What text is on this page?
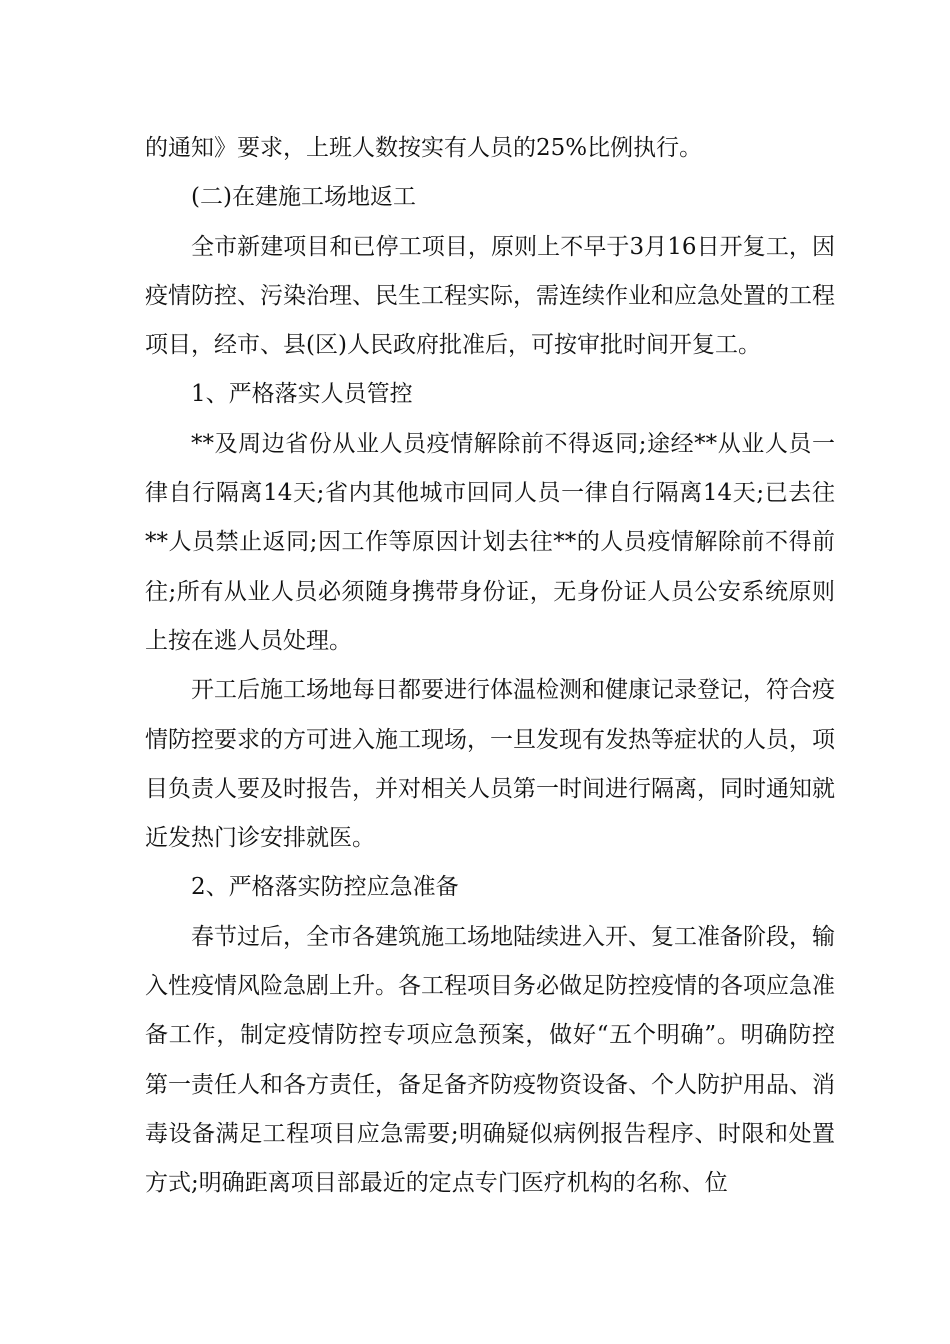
的通知》要求，上班人数按实有人员的25%比例执行。

(二)在建施工场地返工

全市新建项目和已停工项目，原则上不早于3月16日开复工，因疫情防控、污染治理、民生工程实际，需连续作业和应急处置的工程项目，经市、县(区)人民政府批准后，可按审批时间开复工。

1、严格落实人员管控

**及周边省份从业人员疫情解除前不得返同;途经**从业人员一律自行隔离14天;省内其他城市回同人员一律自行隔离14天;已去往**人员禁止返同;因工作等原因计划去往**的人员疫情解除前不得前往;所有从业人员必须随身携带身份证，无身份证人员公安系统原则上按在逃人员处理。

开工后施工场地每日都要进行体温检测和健康记录登记，符合疫情防控要求的方可进入施工现场，一旦发现有发热等症状的人员，项目负责人要及时报告，并对相关人员第一时间进行隔离，同时通知就近发热门诊安排就医。

2、严格落实防控应急准备

春节过后，全市各建筑施工场地陆续进入开、复工准备阶段，输入性疫情风险急剧上升。各工程项目务必做足防控疫情的各项应急准备工作，制定疫情防控专项应急预案，做好“五个明确”。明确防控第一责任人和各方责任，备足备齐防疫物资设备、个人防护用品、消毒设备满足工程项目应急需要;明确疑似病例报告程序、时限和处置方式;明确距离项目部最近的定点专门医疗机构的名称、位
